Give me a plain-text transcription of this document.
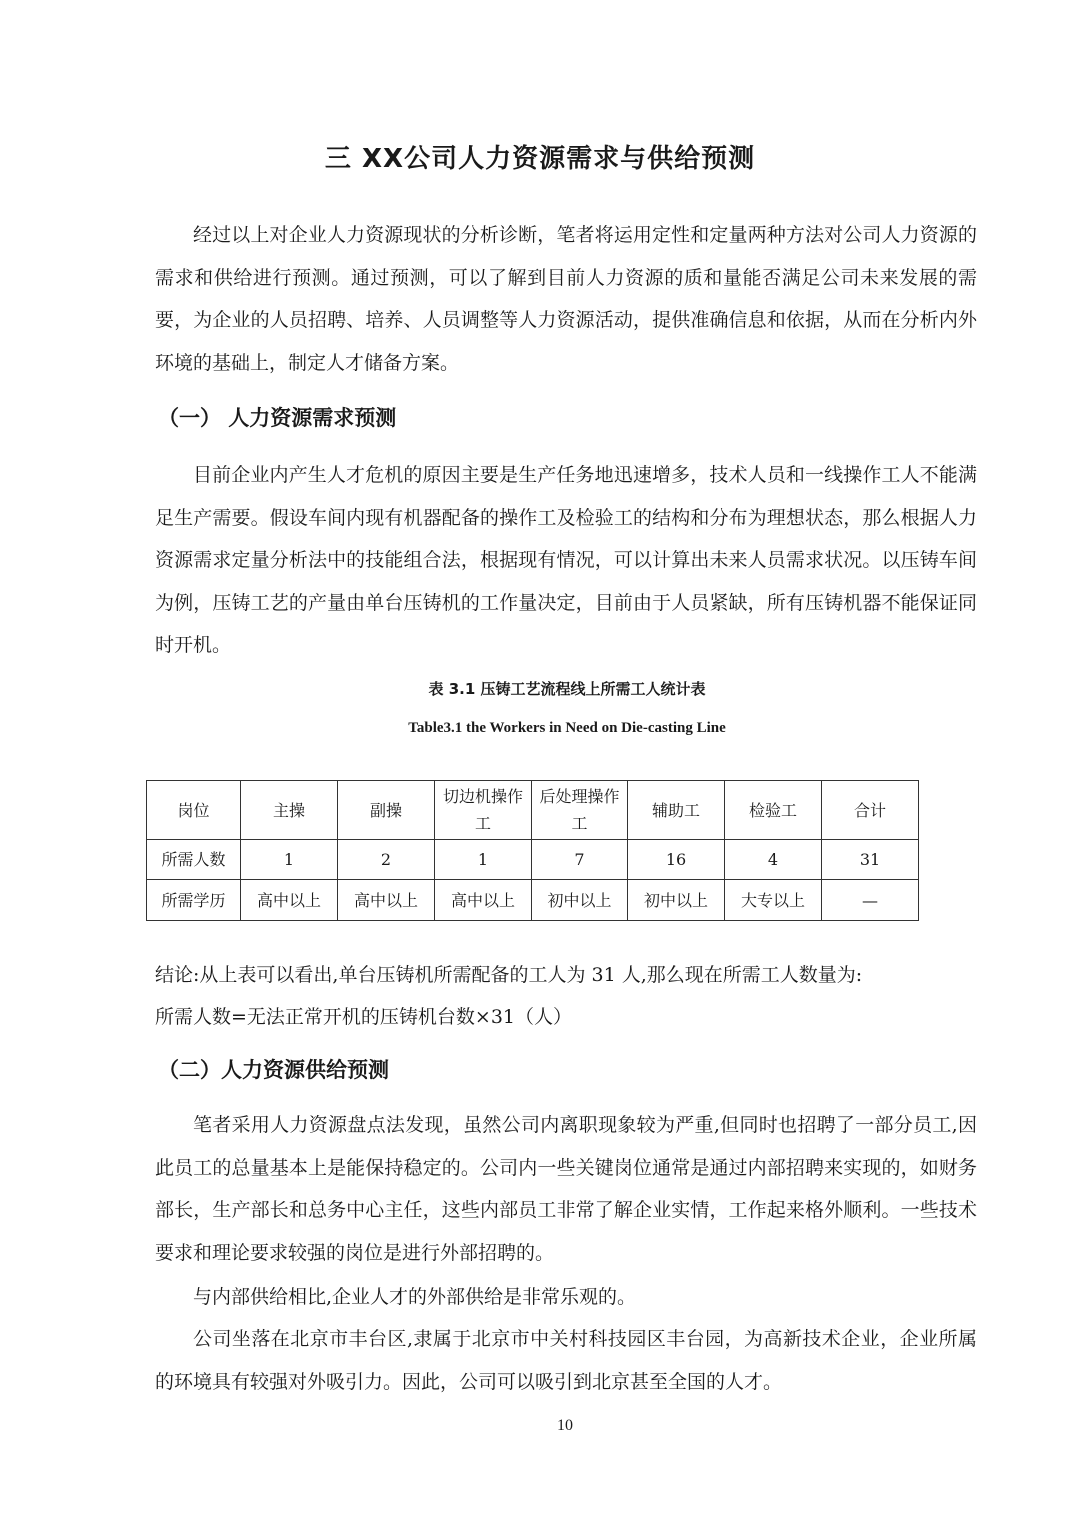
三 XX公司人力资源需求与供给预测

经过以上对企业人力资源现状的分析诊断，笔者将运用定性和定量两种方法对公司人力资源的需求和供给进行预测。通过预测，可以了解到目前人力资源的质和量能否满足公司未来发展的需要，为企业的人员招聘、培养、人员调整等人力资源活动，提供准确信息和依据，从而在分析内外环境的基础上，制定人才储备方案。

（一） 人力资源需求预测

目前企业内产生人才危机的原因主要是生产任务地迅速增多，技术人员和一线操作工人不能满足生产需要。假设车间内现有机器配备的操作工及检验工的结构和分布为理想状态，那么根据人力资源需求定量分析法中的技能组合法，根据现有情况，可以计算出未来人员需求状况。以压铸车间为例，压铸工艺的产量由单台压铸机的工作量决定，目前由于人员紧缺，所有压铸机器不能保证同时开机。

表 3.1 压铸工艺流程线上所需工人统计表
Table3.1 the Workers in Need on Die-casting Line
岗位	主操	副操	切边机操作工	后处理操作工	辅助工	检验工	合计
所需人数	1	2	1	7	16	4	31
所需学历	高中以上	高中以上	高中以上	初中以上	初中以上	大专以上	—
结论:从上表可以看出,单台压铸机所需配备的工人为 31 人,那么现在所需工人数量为:
所需人数=无法正常开机的压铸机台数×31（人）
（二）人力资源供给预测

笔者采用人力资源盘点法发现，虽然公司内离职现象较为严重,但同时也招聘了一部分员工,因此员工的总量基本上是能保持稳定的。公司内一些关键岗位通常是通过内部招聘来实现的，如财务部长，生产部长和总务中心主任，这些内部员工非常了解企业实情，工作起来格外顺利。一些技术要求和理论要求较强的岗位是进行外部招聘的。

与内部供给相比,企业人才的外部供给是非常乐观的。

公司坐落在北京市丰台区,隶属于北京市中关村科技园区丰台园，为高新技术企业，企业所属的环境具有较强对外吸引力。因此，公司可以吸引到北京甚至全国的人才。

10
